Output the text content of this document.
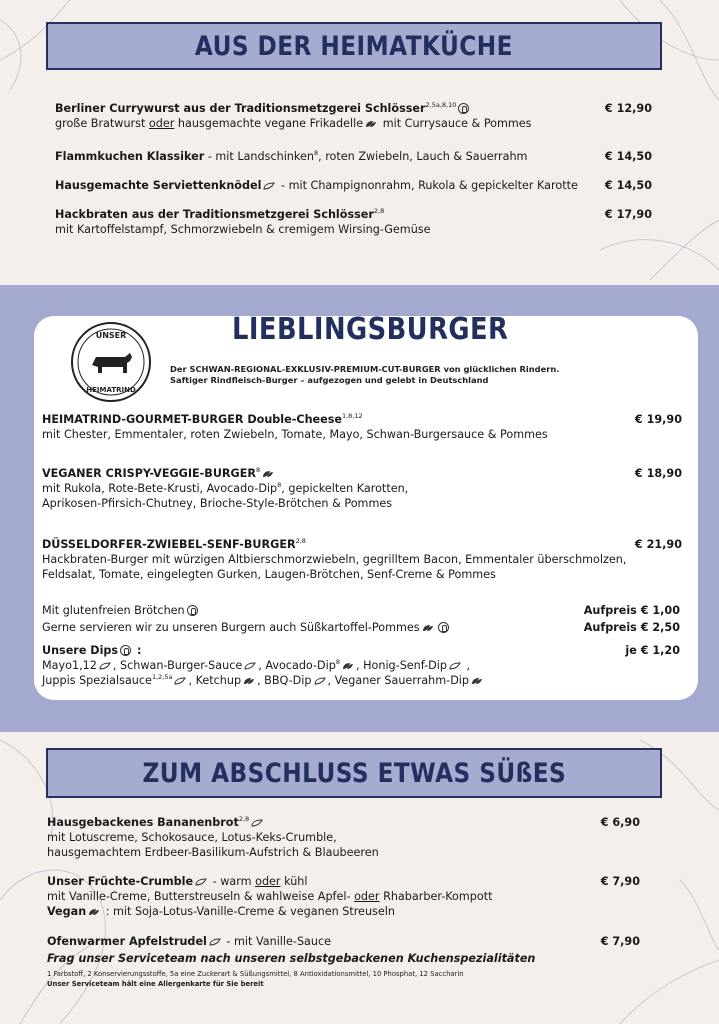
AUS DER HEIMATKÜCHE
Berliner Currywurst aus der Traditionsmetzgerei Schlösser$^{2,5a,8,10}$
große Bratwurst oder hausgemachte vegane Frikadelle
mit Currysauce & Pommes
€ 12,90
Flammkuchen Klassiker - mit Landschinken$^8$, roten Zwiebeln, Lauch & Sauerrahm	€ 14,50
Hausgemachte Serviettenknödel
- mit Champignonrahm, Rukola & gepickelter Karotte	€ 14,50
Hackbraten aus der Traditionsmetzgerei Schlösser$^{2,8}$
mit Kartoffelstampf, Schmorzwiebeln & cremigem Wirsing-Gemüse
€ 17,90
UNSER
HEIMATRIND
LIEBLINGSBURGER
Der SCHWAN-REGIONAL-EXKLUSIV-PREMIUM-CUT-BURGER von glücklichen Rindern.
Saftiger Rindfleisch-Burger – aufgezogen und gelebt in Deutschland
HEIMATRIND-GOURMET-BURGER Double-Cheese$^{1,8,12}$
mit Chester, Emmentaler, roten Zwiebeln, Tomate, Mayo, Schwan-Burgersauce & Pommes
€ 19,90
VEGANER CRISPY-VEGGIE-BURGER$^8$
mit Rukola, Rote-Bete-Krusti, Avocado-Dip$^8$, gepickelten Karotten,
Aprikosen-Pfirsich-Chutney, Brioche-Style-Brötchen & Pommes
€ 18,90
DÜSSELDORFER-ZWIEBEL-SENF-BURGER$^{2,8}$
Hackbraten-Burger mit würzigen Altbierschmorzwiebeln, gegrilltem Bacon, Emmentaler überschmolzen,
Feldsalat, Tomate, eingelegten Gurken, Laugen-Brötchen, Senf-Creme & Pommes
€ 21,90
Mit glutenfreien Brötchen	Aufpreis € 1,00
Gerne servieren wir zu unseren Burgern auch Süßkartoffel-Pommes	Aufpreis € 2,50
Unsere Dips :
Mayo1,12 , Schwan-Burger-Sauce , Avocado-Dip$^8$ , Honig-Senf-Dip
,
Juppis Spezialsauce$^{1,2,5a}$ , Ketchup , BBQ-Dip , Veganer Sauerrahm-Dip
je € 1,20
ZUM ABSCHLUSS ETWAS SÜßES
Hausgebackenes Bananenbrot$^{2,8}$
mit Lotuscreme, Schokosauce, Lotus-Keks-Crumble,
hausgemachtem Erdbeer-Basilikum-Aufstrich & Blaubeeren
€ 6,90
Unser Früchte-Crumble
- warm oder kühl
mit Vanille-Creme, Butterstreuseln & wahlweise Apfel- oder Rhabarber-Kompott
Vegan
: mit Soja-Lotus-Vanille-Creme & veganen Streuseln
€ 7,90
Ofenwarmer Apfelstrudel
- mit Vanille-Sauce	€ 7,90
Frag unser Serviceteam nach unseren selbstgebackenen Kuchenspezialitäten
1 Farbstoff, 2 Konservierungsstoffe, 5a eine Zuckerart & Süßungsmittel, 8 Antioxidationsmittel, 10 Phosphat, 12 Saccharin
Unser Serviceteam hält eine Allergenkarte für Sie bereit
